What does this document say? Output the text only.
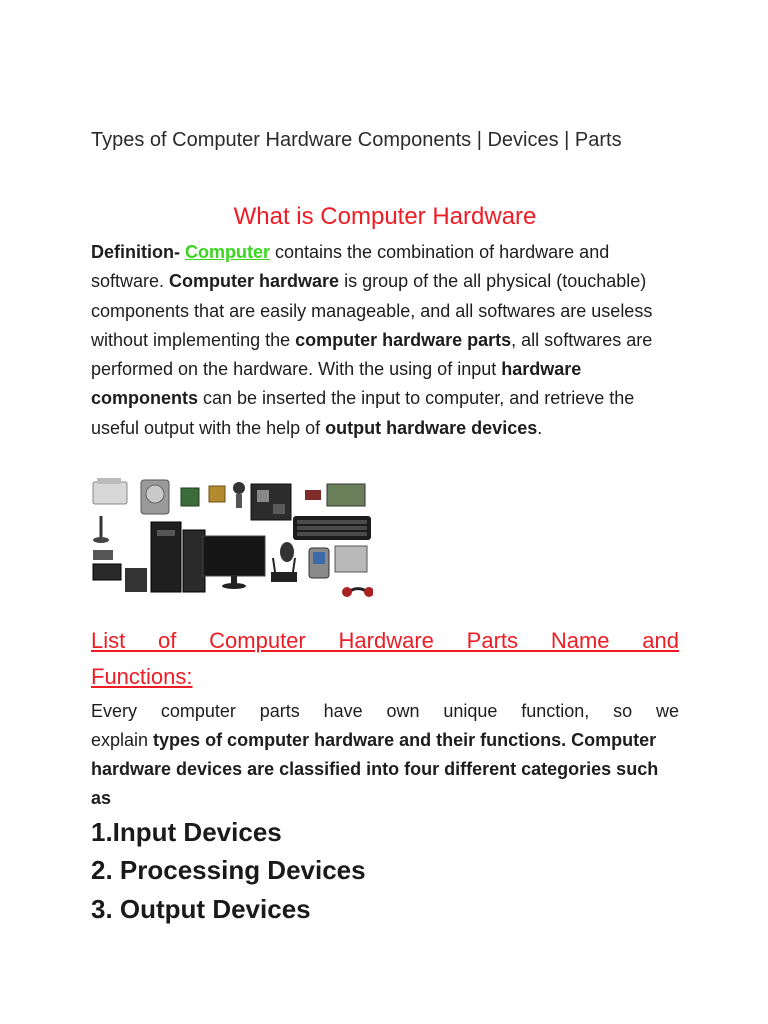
Types of Computer Hardware Components | Devices | Parts
What is Computer Hardware
Definition- Computer contains the combination of hardware and software. Computer hardware is group of the all physical (touchable) components that are easily manageable, and all softwares are useless without implementing the computer hardware parts, all softwares are performed on the hardware. With the using of input hardware components can be inserted the input to computer, and retrieve the useful output with the help of output hardware devices.
List of Computer Hardware Parts Name and
Functions:
Every computer parts have own unique function, so we
explain types of computer hardware and their functions. Computer hardware devices are classified into four different categories such as
1.Input Devices
2. Processing Devices
3. Output Devices
